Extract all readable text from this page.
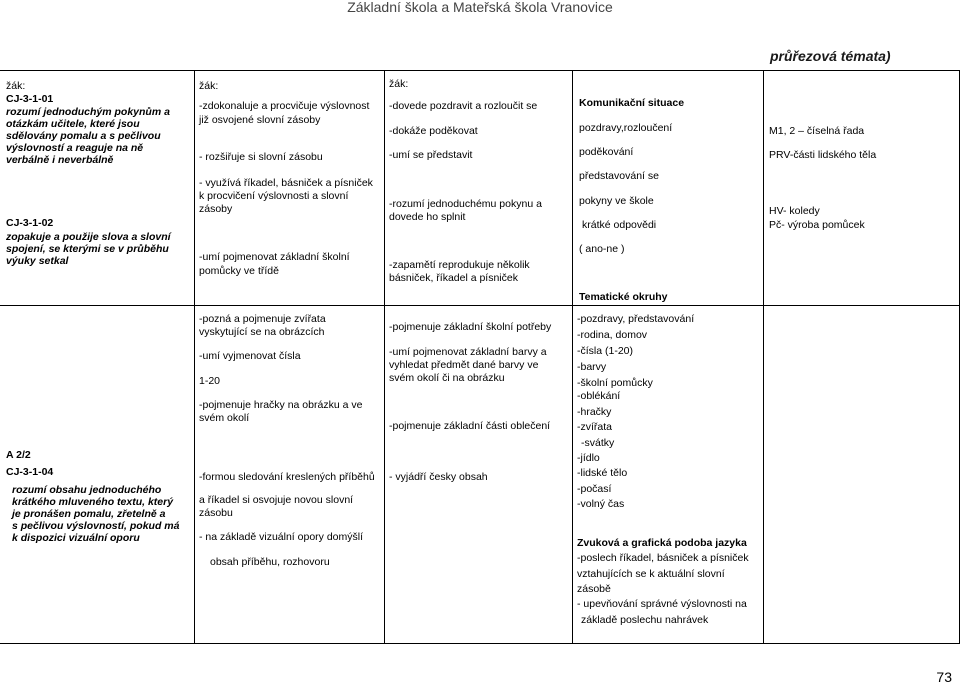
Základní škola a Mateřská škola Vranovice
průřezová témata)
žák:
CJ-3-1-01
rozumí jednoduchým pokynům a
otázkám učitele, které jsou
sdělovány pomalu a s pečlivou
výslovností a reaguje na ně
verbálně i neverbálně
CJ-3-1-02
zopakuje a použije slova a slovní
spojení, se kterými se v průběhu
výuky setkal
A 2/2
CJ-3-1-04
rozumí obsahu jednoduchého
krátkého mluveného textu, který
je pronášen pomalu, zřetelně a
s pečlivou výslovností, pokud má
k dispozici vizuální oporu
žák:
-zdokonaluje a procvičuje výslovnost
již osvojené slovní zásoby
- rozšiřuje si slovní zásobu
- využívá říkadel, básniček a písniček
k procvičení výslovnosti a slovní
zásoby
-umí pojmenovat základní školní
pomůcky ve třídě
-pozná a pojmenuje zvířata
vyskytující se na obrázcích
-umí vyjmenovat čísla
1-20
-pojmenuje hračky na obrázku a ve
svém okolí
-formou sledování kreslených příběhů
a říkadel si osvojuje novou slovní
zásobu
- na základě vizuální opory domýšlí
obsah příběhu, rozhovoru
žák:
-dovede pozdravit a rozloučit se
-dokáže poděkovat
-umí se představit
-rozumí jednoduchému pokynu a
dovede ho splnit
-zapamětí reprodukuje několik
básniček, říkadel a písniček
-pojmenuje základní školní potřeby
-umí pojmenovat základní barvy a
vyhledat předmět dané barvy ve
svém okolí či na obrázku
-pojmenuje základní části oblečení
- vyjádří česky obsah
Komunikační situace
pozdravy,rozloučení
poděkování
představování se
pokyny ve škole
krátké odpovědi
( ano-ne )
Tematické okruhy
-pozdravy, představování
-rodina, domov
-čísla (1-20)
-barvy
-školní pomůcky
-oblékání
-hračky
-zvířata
-svátky
-jídlo
-lidské tělo
-počasí
-volný čas
Zvuková a grafická podoba jazyka
-poslech říkadel, básniček a písniček
vztahujících se k aktuální slovní
zásobě
- upevňování správné výslovnosti na
základě poslechu nahrávek
M1, 2 – číselná řada
PRV-části lidského těla
HV- koledy
Pč- výroba pomůcek
73
